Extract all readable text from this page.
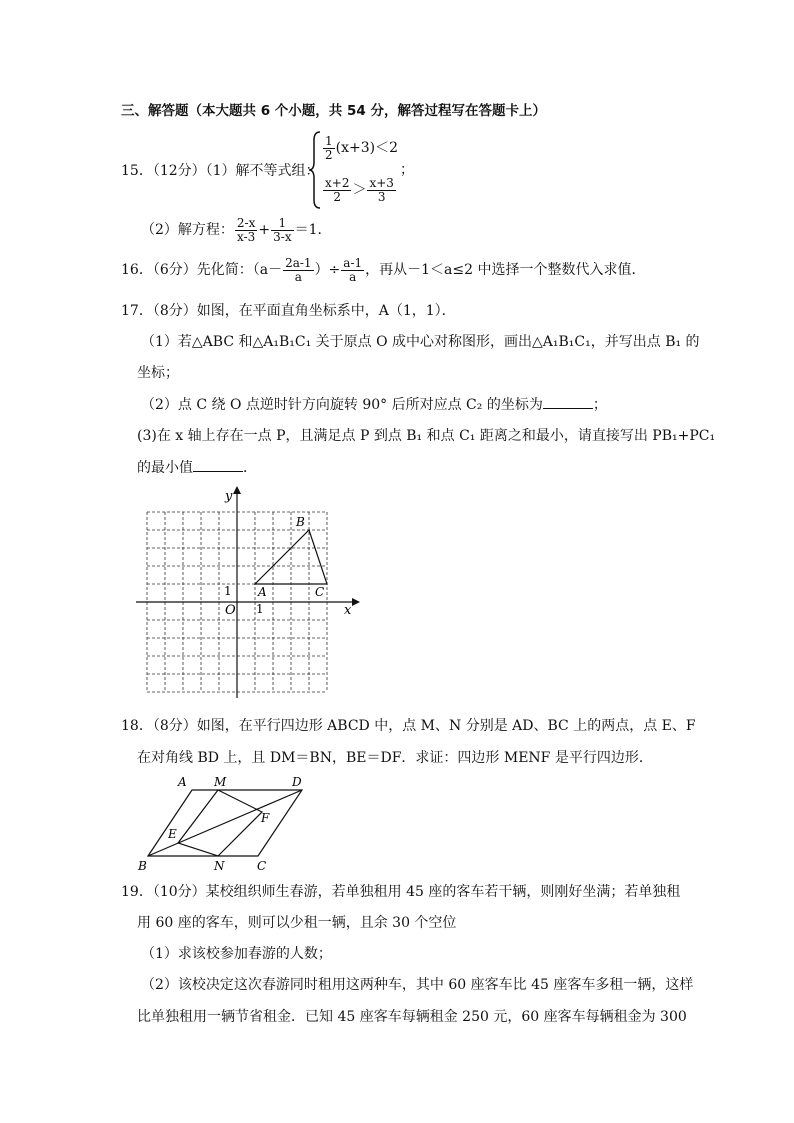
三、解答题（本大题共 6 个小题，共 54 分，解答过程写在答题卡上）
15．（12分）（1）解不等式组：
$\frac{1}{2} (x+3)<2$
$\frac{x+2}{2} > \frac{x+3}{3}$
；
（2）解方程： $\frac{2-x}{x-3} + \frac{1}{3-x} =1$．
16．（6分）先化简：（$a- \frac{2a-1}{a}$ ）÷ $\frac{a-1}{a}$ ，再从－1＜a≤2 中选择一个整数代入求值．
17．（8分）如图，在平面直角坐标系中，A（1，1）．
（1）若△ABC 和△A₁B₁C₁ 关于原点 O 成中心对称图形，画出△A₁B₁C₁，并写出点 B₁ 的
坐标；
（2）点 C 绕 O 点逆时针方向旋转 90° 后所对应点 C₂ 的坐标为	；
(3)在 x 轴上存在一点 P，且满足点 P 到点 B₁ 和点 C₁ 距离之和最小，请直接写出 PB₁+PC₁
的最小值	．
y
x
O
1
1
A
B
C
18．（8分）如图，在平行四边形 ABCD 中，点 M、N 分别是 AD、BC 上的两点，点 E、F
在对角线 BD 上，且 DM＝BN，BE＝DF．求证：四边形 MENF 是平行四边形．
A M	D
E
F
B	N	C
19．（10分）某校组织师生春游，若单独租用 45 座的客车若干辆，则刚好坐满；若单独租
用 60 座的客车，则可以少租一辆，且余 30 个空位
（1）求该校参加春游的人数；
（2）该校决定这次春游同时租用这两种车，其中 60 座客车比 45 座客车多租一辆，这样
比单独租用一辆节省租金．已知 45 座客车每辆租金 250 元，60 座客车每辆租金为 300
